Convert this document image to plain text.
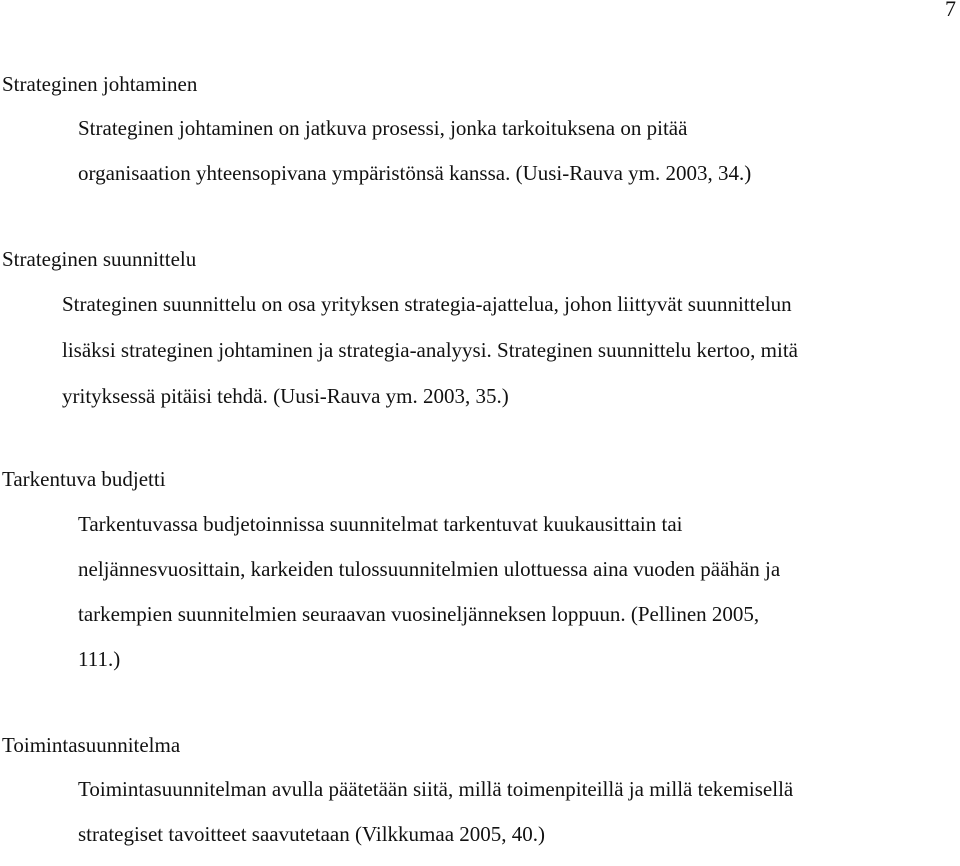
7
Strateginen johtaminen
Strateginen johtaminen on jatkuva prosessi, jonka tarkoituksena on pitää
organisaation yhteensopivana ympäristönsä kanssa. (Uusi-Rauva ym. 2003, 34.)
Strateginen suunnittelu
Strateginen suunnittelu on osa yrityksen strategia-ajattelua, johon liittyvät suunnittelun
lisäksi strateginen johtaminen ja strategia-analyysi. Strateginen suunnittelu kertoo, mitä
yrityksessä pitäisi tehdä. (Uusi-Rauva ym. 2003, 35.)
Tarkentuva budjetti
Tarkentuvassa budjetoinnissa suunnitelmat tarkentuvat kuukausittain tai
neljännesvuosittain, karkeiden tulossuunnitelmien ulottuessa aina vuoden päähän ja
tarkempien suunnitelmien seuraavan vuosineljänneksen loppuun. (Pellinen 2005,
111.)
Toimintasuunnitelma
Toimintasuunnitelman avulla päätetään siitä, millä toimenpiteillä ja millä tekemisellä
strategiset tavoitteet saavutetaan (Vilkkumaa 2005, 40.)
